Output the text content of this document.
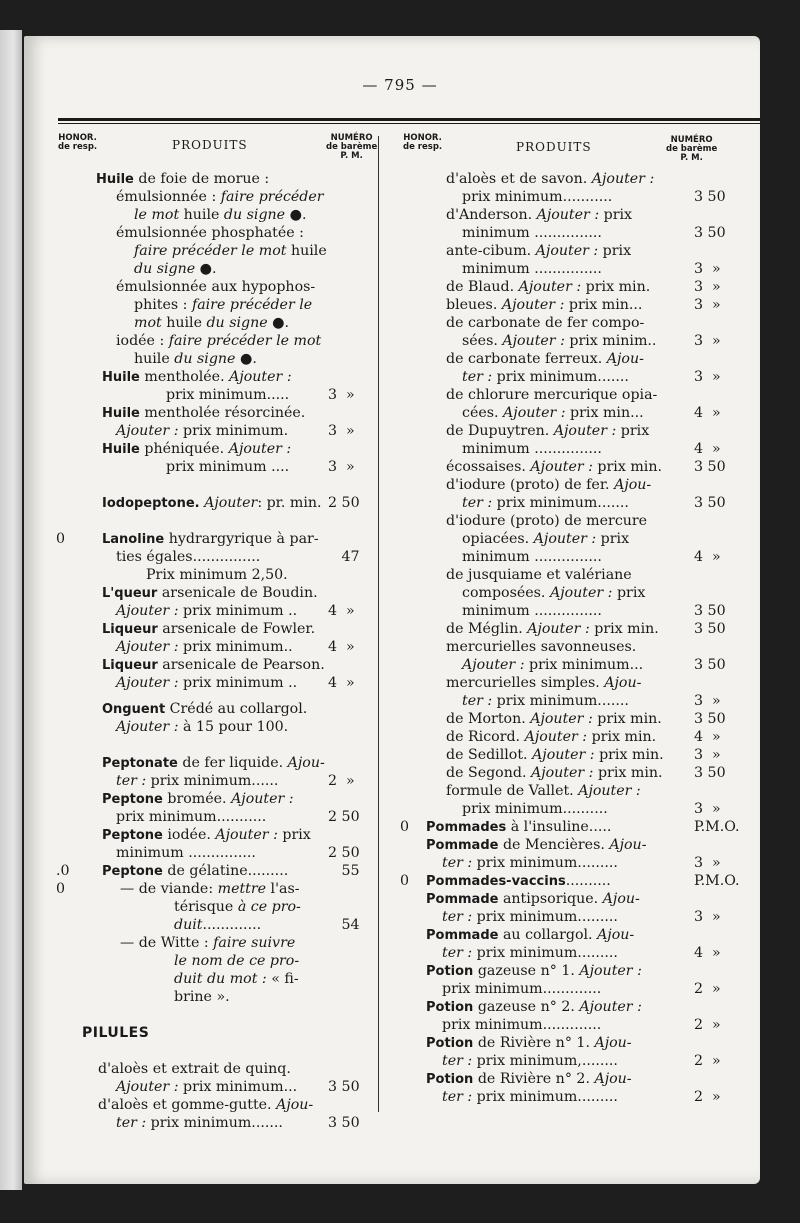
— 795 —
HONOR.
de resp.	PRODUITS	NUMÉRO
de barème
P. M.
HONOR.
de resp.	PRODUITS	NUMÉRO
de barème
P. M.
Huile de foie de morue :
émulsionnée : faire précéder
le mot huile du signe ●.
émulsionnée phosphatée :
faire précéder le mot huile
du signe ●.
émulsionnée aux hypophos-
phites : faire précéder le
mot huile du signe ●.
iodée : faire précéder le mot
huile du signe ●.
Huile mentholée. Ajouter :
prix minimum.....	3  »
Huile mentholée résorcinée.
Ajouter : prix minimum.	3  »
Huile phéniquée. Ajouter :
prix minimum ....	3  »
Iodopeptone. Ajouter: pr. min. 2 50
0	Lanoline hydrargyrique à par-
ties égales...............	47
Prix minimum 2,50.
L'queur arsenicale de Boudin.
Ajouter : prix minimum .. 4  »
Liqueur arsenicale de Fowler.
Ajouter : prix minimum.. 4  »
Liqueur arsenicale de Pearson.
Ajouter : prix minimum .. 4  »
Onguent Crédé au collargol.
Ajouter : à 15 pour 100.
Peptonate de fer liquide. Ajou-
ter : prix minimum......	2  »
Peptone bromée. Ajouter :
prix minimum...........	2 50
Peptone iodée. Ajouter : prix
minimum ...............	2 50
.0	Peptone de gélatine.........	55
0	— de viande: mettre l'as-
térisque à ce pro-
duit.............	54
— de Witte : faire suivre
le nom de ce pro-
duit du mot : « fi-
brine ».
PILULES
d'aloès et extrait de quinq.
Ajouter : prix minimum... 3 50
d'aloès et gomme-gutte. Ajou-
ter : prix minimum.......	3 50
d'aloès et de savon. Ajouter :
prix minimum...........	3 50
d'Anderson. Ajouter : prix
minimum ...............	3 50
ante-cibum. Ajouter : prix
minimum ...............	3  »
de Blaud. Ajouter : prix min.	3  »
bleues. Ajouter : prix min...	3  »
de carbonate de fer compo-
sées. Ajouter : prix minim..	3  »
de carbonate ferreux. Ajou-
ter : prix minimum.......	3  »
de chlorure mercurique opia-
cées. Ajouter : prix min...	4  »
de Dupuytren. Ajouter : prix
minimum ...............	4  »
écossaises. Ajouter : prix min. 3 50
d'iodure (proto) de fer. Ajou-
ter : prix minimum.......	3 50
d'iodure (proto) de mercure
opiacées. Ajouter : prix
minimum ...............	4  »
de jusquiame et valériane
composées. Ajouter : prix
minimum ...............	3 50
de Méglin. Ajouter : prix min. 3 50
mercurielles savonneuses.
Ajouter : prix minimum...	3 50
mercurielles simples. Ajou-
ter : prix minimum.......	3  »
de Morton. Ajouter : prix min. 3 50
de Ricord. Ajouter : prix min.	4  »
de Sedillot. Ajouter : prix min. 3  »
de Segond. Ajouter : prix min. 3 50
formule de Vallet. Ajouter :
prix minimum..........	3  »
0	Pommades à l'insuline.....	P.M.O.
Pommade de Mencières. Ajou-
ter : prix minimum.........	3  »
0	Pommades-vaccins..........	P.M.O.
Pommade antipsorique. Ajou-
ter : prix minimum.........	3  »
Pommade au collargol. Ajou-
ter : prix minimum.........	4  »
Potion gazeuse n° 1. Ajouter :
prix minimum.............	2  »
Potion gazeuse n° 2. Ajouter :
prix minimum.............	2  »
Potion de Rivière n° 1. Ajou-
ter : prix minimum,........	2  »
Potion de Rivière n° 2. Ajou-
ter : prix minimum.........	2  »
